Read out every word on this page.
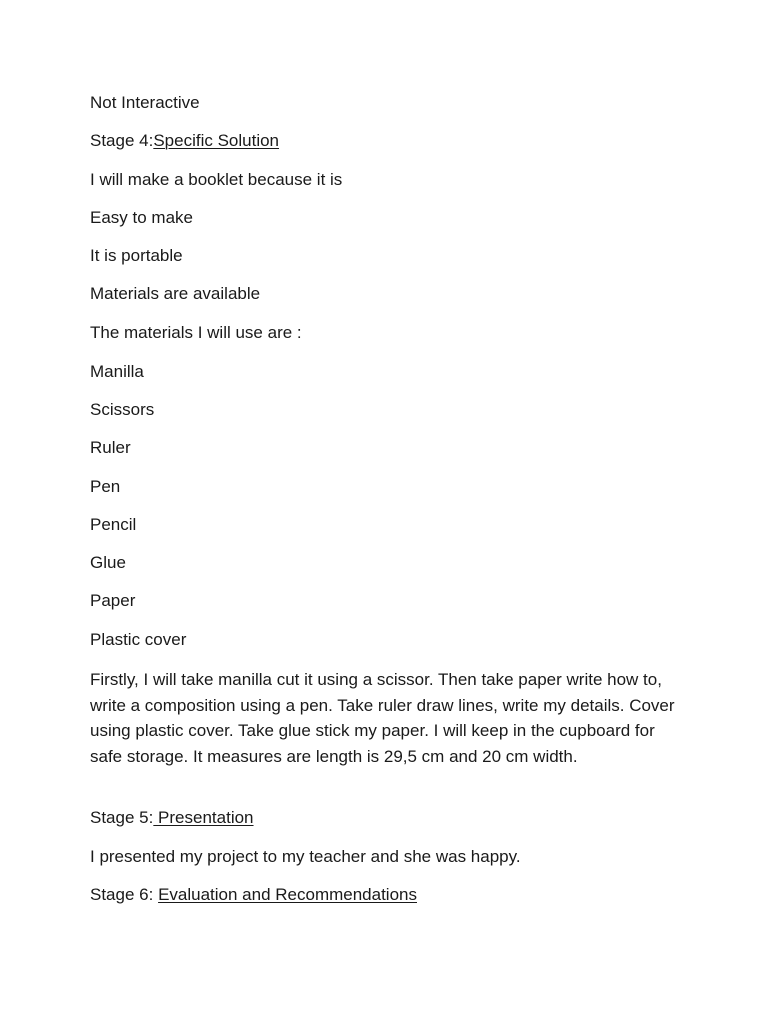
Not Interactive

Stage 4:Specific Solution

I will make a booklet because it is

Easy to make

It is portable

Materials are available

The materials I will use are :

Manilla

Scissors

Ruler

Pen

Pencil

Glue

Paper

Plastic cover

Firstly, I will take manilla cut it using a scissor. Then take paper write how to, write a composition using a pen. Take ruler draw lines, write my details. Cover using plastic cover. Take glue stick my paper. I will keep in the cupboard for safe storage. It measures are length is 29,5 cm and 20 cm width.

Stage 5: Presentation

I presented my project to my teacher and she was happy.

Stage 6: Evaluation and Recommendations
